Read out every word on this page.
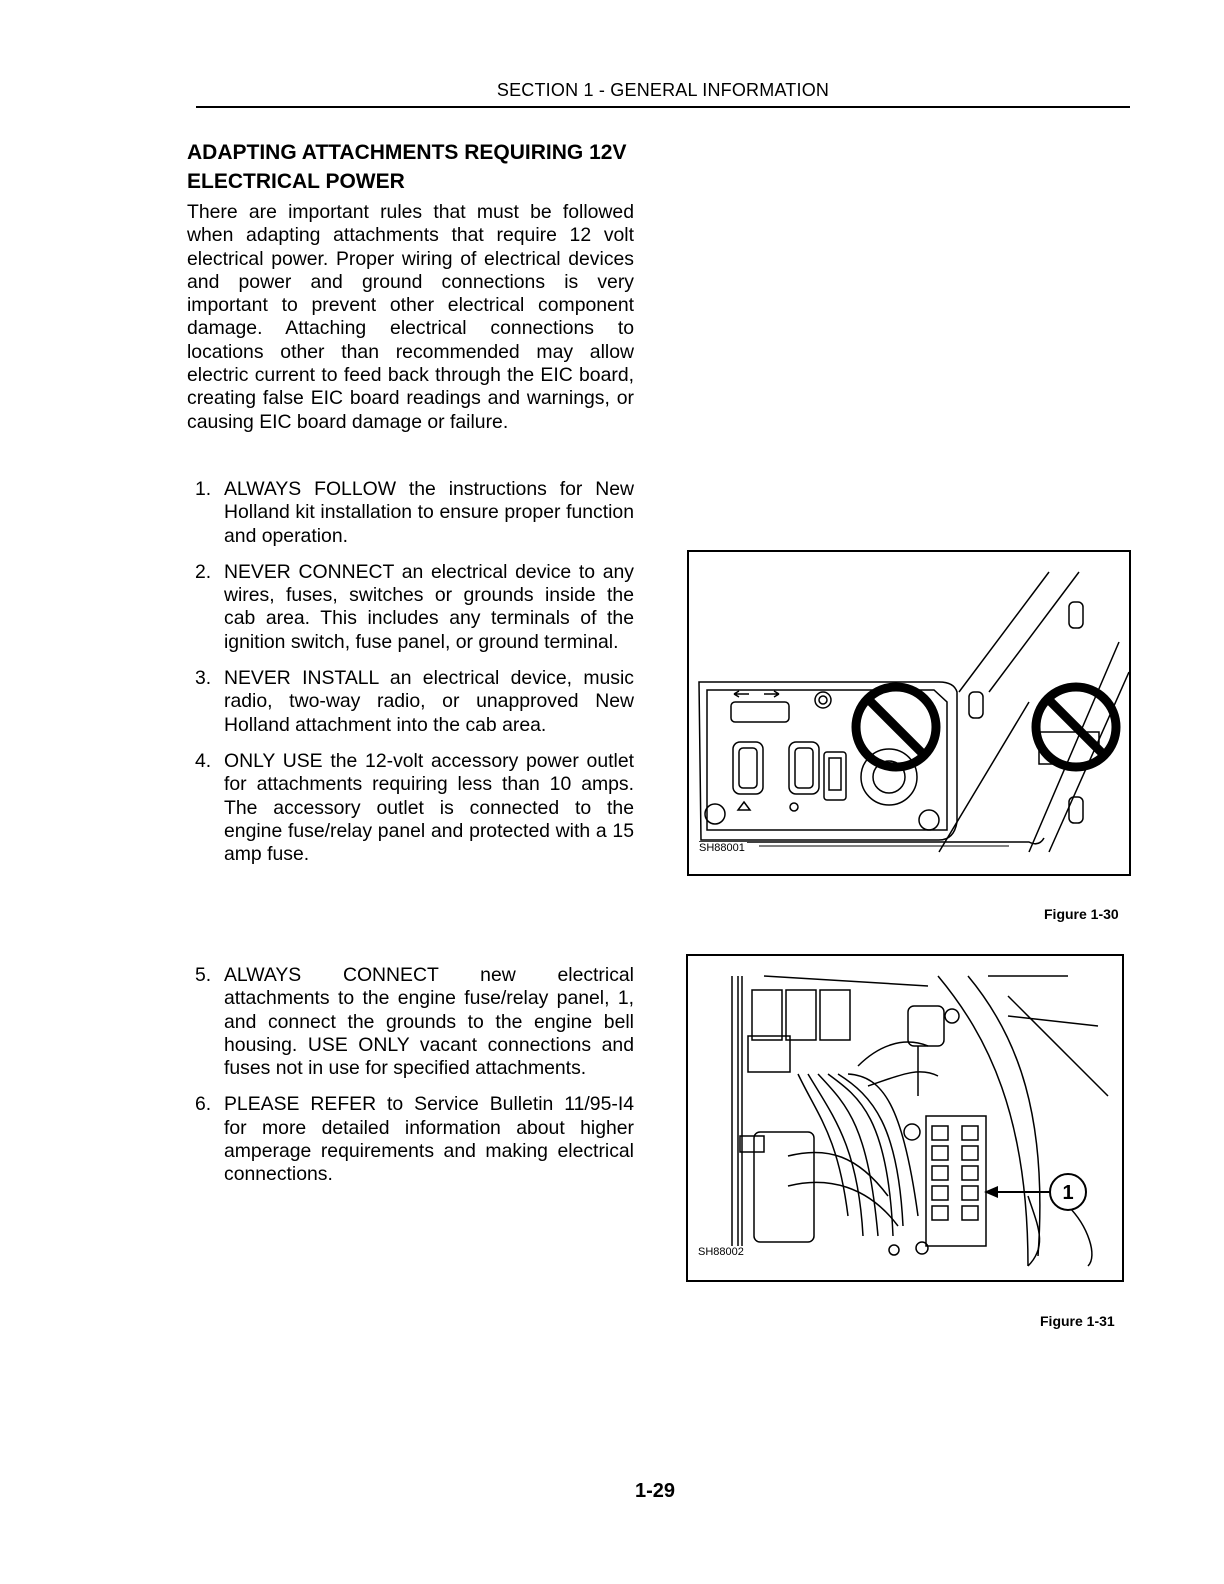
SECTION 1 - GENERAL INFORMATION
ADAPTING ATTACHMENTS REQUIRING 12V ELECTRICAL POWER

There are important rules that must be followed when adapting attachments that require 12 volt electrical power. Proper wiring of electrical devices and power and ground connections is very important to prevent other electrical component damage. Attaching electrical connections to locations other than recommended may allow electric current to feed back through the EIC board, creating false EIC board readings and warnings, or causing EIC board damage or failure.

1. ALWAYS FOLLOW the instructions for New Holland kit installation to ensure proper function and operation.
2. NEVER CONNECT an electrical device to any wires, fuses, switches or grounds inside the cab area. This includes any terminals of the ignition switch, fuse panel, or ground terminal.
3. NEVER INSTALL an electrical device, music radio, two-way radio, or unapproved New Holland attachment into the cab area.
4. ONLY USE the 12-volt accessory power outlet for attachments requiring less than 10 amps. The accessory outlet is connected to the engine fuse/relay panel and protected with a 15 amp fuse.
5. ALWAYS CONNECT new electrical attachments to the engine fuse/relay panel, 1, and connect the grounds to the engine bell housing. USE ONLY vacant connections and fuses not in use for specified attachments.
6. PLEASE REFER to Service Bulletin 11/95-I4 for more detailed information about higher amperage requirements and making electrical connections.
SH88001
Figure 1-30
1
SH88002
Figure 1-31
1-29
